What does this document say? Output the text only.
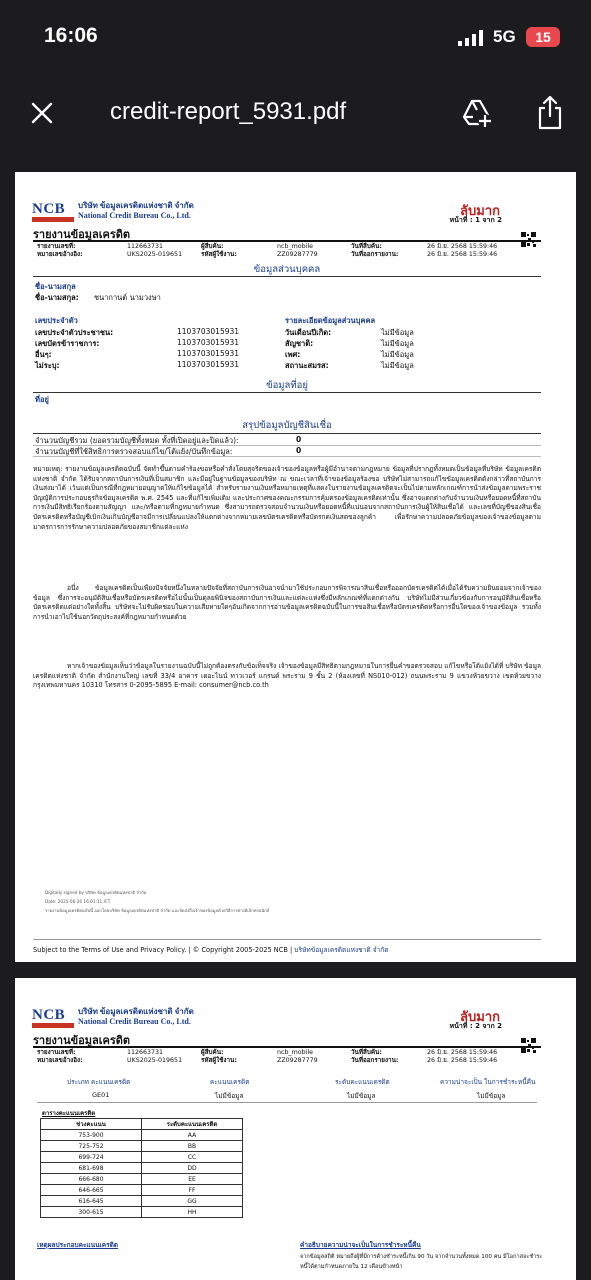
16:06	5G	15
credit-report_5931.pdf
NCB	บริษัท ข้อมูลเครดิตแห่งชาติ จำกัด
National Credit Bureau Co., Ltd.	ลับมาก
หน้าที่ : 1 จาก 2
รายงานข้อมูลเครดิต
รายงานเลขที่:	112663731
หมายเลขอ้างอิง:	UKS2025-019651
ผู้สืบค้น:	ncb_mobile
รหัสผู้ใช้งาน:	ZZ09287779
วันที่สืบค้น:	26 มิ.ย. 2568 15:59:46
วันที่ออกรายงาน:	26 มิ.ย. 2568 15:59:46
ข้อมูลส่วนบุคคล
ชื่อ-นามสกุล
ชื่อ-นามสกุล: ชนากานต์ นามวงษา
เลขประจำตัว	รายละเอียดข้อมูลส่วนบุคคล
เลขประจำตัวประชาชน:	1103703015931
เลขบัตรข้าราชการ:	1103703015931
อื่นๆ:	1103703015931
ไม่ระบุ:	1103703015931
วันเดือนปีเกิด:	ไม่มีข้อมูล
สัญชาติ:	ไม่มีข้อมูล
เพศ:	ไม่มีข้อมูล
สถานะสมรส:	ไม่มีข้อมูล
ข้อมูลที่อยู่
ที่อยู่
สรุปข้อมูลบัญชีสินเชื่อ
จำนวนบัญชีรวม (ยอดรวมบัญชีทั้งหมด ทั้งที่เปิดอยู่และปิดแล้ว):	0
จำนวนบัญชีที่ใช้สิทธิการตรวจสอบแก้ไข/โต้แย้ง/บันทึกข้อมูล:	0
หมายเหตุ: รายงานข้อมูลเครดิตฉบับนี้ จัดทำขึ้นตามคำร้องขอหรือคำสั่งโดยสุจริตของเจ้าของข้อมูลหรือผู้มีอำนาจตามกฎหมาย ข้อมูลที่ปรากฏทั้งหมดเป็นข้อมูลที่บริษัท ข้อมูลเครดิตแห่งชาติ จำกัด ได้รับจากสถาบันการเงินที่เป็นสมาชิก และมีอยู่ในฐานข้อมูลของบริษัท ณ ขณะเวลาที่เจ้าของข้อมูลร้องขอ บริษัทไม่สามารถแก้ไขข้อมูลเครดิตดังกล่าวที่สถาบันการเงินส่งมาได้ เว้นแต่เป็นกรณีที่กฎหมายอนุญาตให้แก้ไขข้อมูลได้ สำหรับรายงานเงินหรือหมายเหตุที่แสดงในรายงานข้อมูลเครดิตจะเป็นไปตามหลักเกณฑ์การนำส่งข้อมูลตามพระราชบัญญัติการประกอบธุรกิจข้อมูลเครดิต พ.ศ. 2545 และที่แก้ไขเพิ่มเติม และประกาศของคณะกรรมการคุ้มครองข้อมูลเครดิตเท่านั้น ซึ่งอาจแตกต่างกับจำนวนเงินหรือยอดหนี้ที่สถาบันการเงินมีสิทธิเรียกร้องตามสัญญา และ/หรือตามที่กฎหมายกำหนด ซึ่งสามารถตรวจสอบจำนวนเงินหรือยอดหนี้ที่แน่นอนจากสถาบันการเงินผู้ให้สินเชื่อได้ และเลขที่บัญชีของสินเชื่อบัตรเครดิตหรือบัญชีเบิกเงินเกินบัญชีอาจมีการเปลี่ยนแปลงให้แตกต่างจากหมายเลขบัตรเครดิตหรือบัตรกดเงินสดของลูกค้า เพื่อรักษาความปลอดภัยข้อมูลของเจ้าของข้อมูลตามมาตรการการรักษาความปลอดภัยของสมาชิกแต่ละแห่ง
อนึ่ง ข้อมูลเครดิตเป็นเพียงปัจจัยหนึ่งในหลายปัจจัยที่สถาบันการเงินอาจนำมาใช้ประกอบการพิจารณาสินเชื่อหรือออกบัตรเครดิตได้เมื่อได้รับความยินยอมจากเจ้าของข้อมูล ซึ่งการจะอนุมัติสินเชื่อหรือบัตรเครดิตหรือไม่นั้นเป็นดุลยพินิจของสถาบันการเงินและแต่ละแห่งซึ่งมีหลักเกณฑ์ที่แตกต่างกัน บริษัทไม่มีส่วนเกี่ยวข้องกับการอนุมัติสินเชื่อหรือบัตรเครดิตแต่อย่างใดทั้งสิ้น บริษัทจะไม่รับผิดชอบในความเสียหายใดๆอันเกิดจากการอ่านข้อมูลเครดิตฉบับนี้ในการขอสินเชื่อหรือบัตรเครดิตหรือการอื่นใดของเจ้าของข้อมูล รวมทั้ง การนำเอาไปใช้นอกวัตถุประสงค์ที่กฎหมายกำหนดด้วย
หากเจ้าของข้อมูลเห็นว่าข้อมูลในรายงานฉบับนี้ไม่ถูกต้องตรงกับข้อเท็จจริง เจ้าของข้อมูลมีสิทธิตามกฎหมายในการยื่นคำขอตรวจสอบ แก้ไขหรือโต้แย้งได้ที่ บริษัท ข้อมูลเครดิตแห่งชาติ จำกัด สำนักงานใหญ่ เลขที่ 33/4 อาคาร เดอะไนน์ ทาวเวอร์ แกรนด์ พระราม 9 ชั้น 2 (ห้องเลขที่ NS010-012) ถนนพระราม 9 แขวงห้วยขวาง เขตห้วยขวาง กรุงเทพมหานคร 10310 โทรสาร 0-2095-5895 E-mail: consumer@ncb.co.th
Digitally signed by บริษัท ข้อมูลเครดิตแห่งชาติ จำกัด
Date: 2025-06-26 16:01:11 ICT
รายงานข้อมูลเครดิตฉบับนี้ ออกโดยบริษัท ข้อมูลเครดิตแห่งชาติ จำกัด และจัดส่งถึงเจ้าของข้อมูลด้วยวิธีการทางอิเล็กทรอนิกส์
Subject to the Terms of Use and Privacy Policy. | © Copyright 2005-2025 NCB | บริษัทข้อมูลเครดิตแห่งชาติ จำกัด
NCB	บริษัท ข้อมูลเครดิตแห่งชาติ จำกัด
National Credit Bureau Co., Ltd.	ลับมาก
หน้าที่ : 2 จาก 2
รายงานข้อมูลเครดิต
รายงานเลขที่:	112663731
หมายเลขอ้างอิง:	UKS2025-019651
ผู้สืบค้น:	ncb_mobile
รหัสผู้ใช้งาน:	ZZ09287779
วันที่สืบค้น:	26 มิ.ย. 2568 15:59:46
วันที่ออกรายงาน:	26 มิ.ย. 2568 15:59:46
ประเภท คะแนนเครดิต	คะแนนเครดิต	ระดับคะแนนเครดิต	ความน่าจะเป็น ในการชำระหนี้คืน
GE01	ไม่มีข้อมูล	ไม่มีข้อมูล	ไม่มีข้อมูล
ตารางคะแนนเครดิต
ช่วงคะแนน	ระดับคะแนนเครดิต
753-900	AA
725-752	BB
699-724	CC
681-698	DD
666-680	EE
646-665	FF
616-645	GG
300-615	HH
เหตุผลประกอบคะแนนเครดิต	คำอธิบายความน่าจะเป็นในการชำระหนี้คืน
จากข้อมูลสถิติ หมายถึงผู้ที่มีการค้างชำระหนี้เกิน 90 วัน จากจำนวนทั้งหมด 100 คน มีโอกาสจะชำระ หนี้ได้ตามกำหนดภายใน 12 เดือนข้างหน้า
